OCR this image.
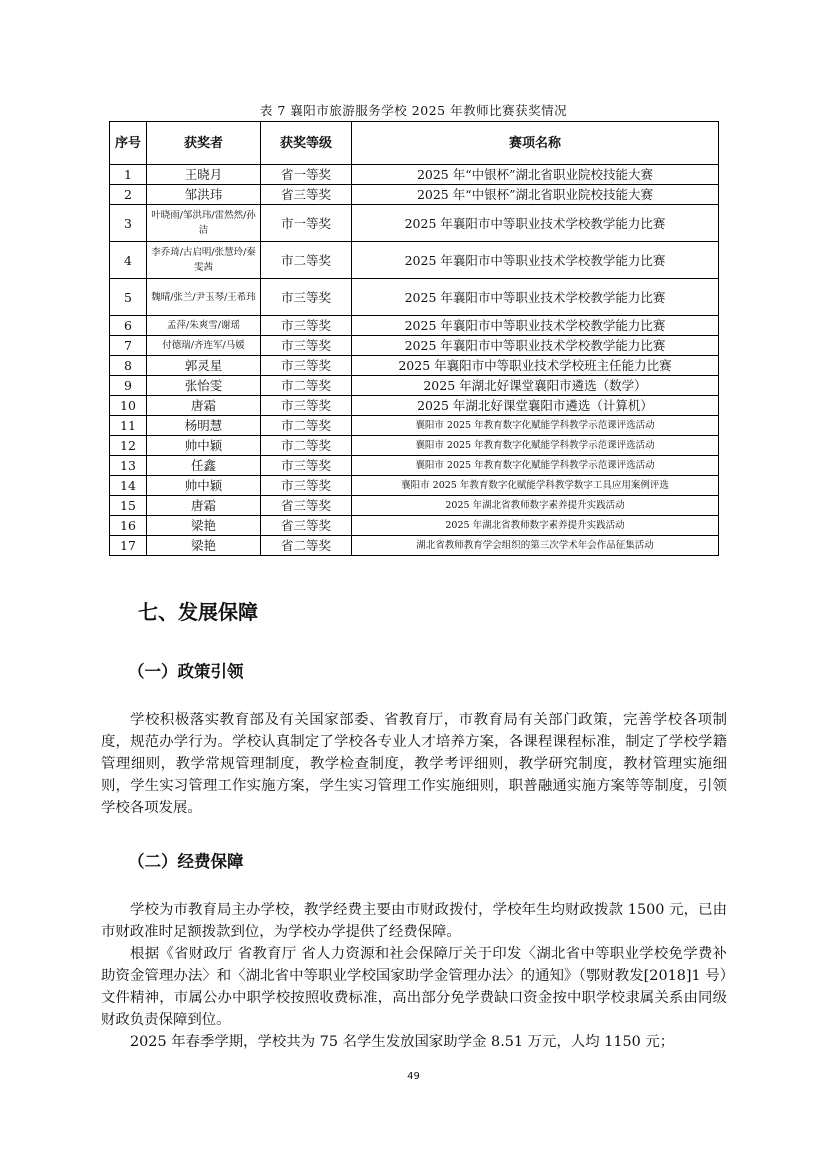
表 7 襄阳市旅游服务学校 2025 年教师比赛获奖情况
序号	获奖者	获奖等级	赛项名称
1	王晓月	省一等奖	2025 年“中银杯”湖北省职业院校技能大赛
2	邹洪玮	省三等奖	2025 年“中银杯”湖北省职业院校技能大赛
3	叶晓雨/邹洪玮/雷然然/孙洁	市一等奖	2025 年襄阳市中等职业技术学校教学能力比赛
4	李乔琦/古启明/张慧玲/秦雯茜	市二等奖	2025 年襄阳市中等职业技术学校教学能力比赛
5	魏晴/张兰/尹玉琴/王希玮	市三等奖	2025 年襄阳市中等职业技术学校教学能力比赛
6	孟萍/朱爽雪/谢瑶	市三等奖	2025 年襄阳市中等职业技术学校教学能力比赛
7	付德瑞/齐连军/马媛	市三等奖	2025 年襄阳市中等职业技术学校教学能力比赛
8	郭灵星	市三等奖	2025 年襄阳市中等职业技术学校班主任能力比赛
9	张怡雯	市二等奖	2025 年湖北好课堂襄阳市遴选（数学）
10	唐霜	市三等奖	2025 年湖北好课堂襄阳市遴选（计算机）
11	杨明慧	市二等奖	襄阳市 2025 年教育数字化赋能学科教学示范课评选活动
12	帅中颖	市二等奖	襄阳市 2025 年教育数字化赋能学科教学示范课评选活动
13	任鑫	市三等奖	襄阳市 2025 年教育数字化赋能学科教学示范课评选活动
14	帅中颖	市三等奖	襄阳市 2025 年教育数字化赋能学科教学数字工具应用案例评选
15	唐霜	省三等奖	2025 年湖北省教师数字素养提升实践活动
16	梁艳	省三等奖	2025 年湖北省教师数字素养提升实践活动
17	梁艳	省二等奖	湖北省教师教育学会组织的第三次学术年会作品征集活动
七、发展保障
（一）政策引领

学校积极落实教育部及有关国家部委、省教育厅，市教育局有关部门政策，完善学校各项制度，规范办学行为。学校认真制定了学校各专业人才培养方案，各课程课程标准，制定了学校学籍管理细则，教学常规管理制度，教学检查制度，教学考评细则，教学研究制度，教材管理实施细则，学生实习管理工作实施方案，学生实习管理工作实施细则，职普融通实施方案等等制度，引领学校各项发展。

（二）经费保障

学校为市教育局主办学校，教学经费主要由市财政拨付，学校年生均财政拨款 1500 元，已由市财政准时足额拨款到位，为学校办学提供了经费保障。

根据《省财政厅 省教育厅 省人力资源和社会保障厅关于印发〈湖北省中等职业学校免学费补助资金管理办法〉和〈湖北省中等职业学校国家助学金管理办法〉的通知》（鄂财教发[2018]1 号）文件精神，市属公办中职学校按照收费标准，高出部分免学费缺口资金按中职学校隶属关系由同级财政负责保障到位。

2025 年春季学期，学校共为 75 名学生发放国家助学金 8.51 万元，人均 1150 元；

49
